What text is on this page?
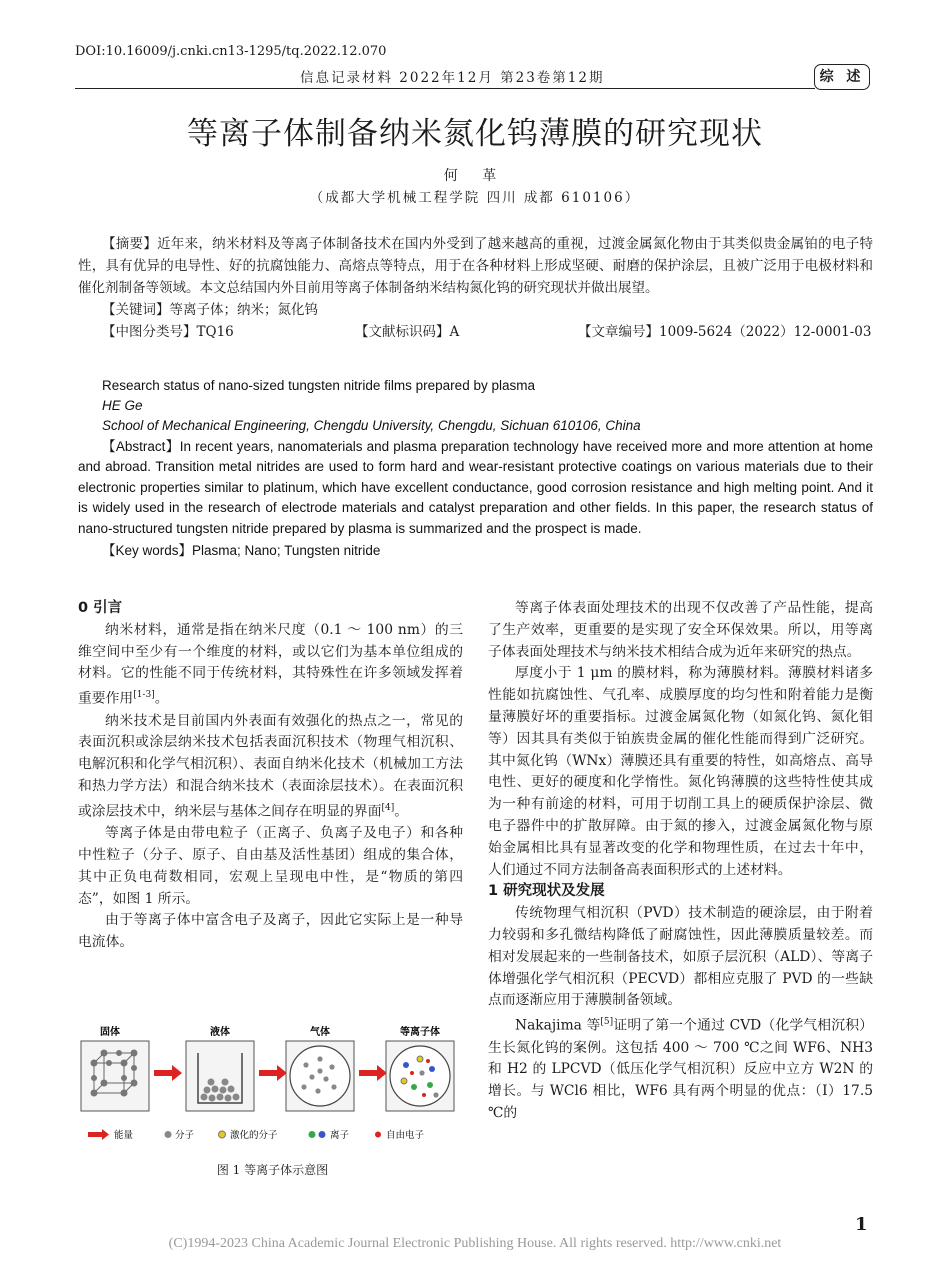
DOI:10.16009/j.cnki.cn13-1295/tq.2022.12.070
信息记录材料 2022年12月 第23卷第12期	综 述
等离子体制备纳米氮化钨薄膜的研究现状
何 革
（成都大学机械工程学院 四川 成都 610106）
【摘要】近年来，纳米材料及等离子体制备技术在国内外受到了越来越高的重视，过渡金属氮化物由于其类似贵金属铂的电子特性，具有优异的电导性、好的抗腐蚀能力、高熔点等特点，用于在各种材料上形成坚硬、耐磨的保护涂层，且被广泛用于电极材料和催化剂制备等领域。本文总结国内外目前用等离子体制备纳米结构氮化钨的研究现状并做出展望。
【关键词】等离子体；纳米；氮化钨
【中图分类号】TQ16	【文献标识码】A	【文章编号】1009-5624（2022）12-0001-03
Research status of nano-sized tungsten nitride films prepared by plasma
HE Ge
School of Mechanical Engineering, Chengdu University, Chengdu, Sichuan 610106, China
【Abstract】In recent years, nanomaterials and plasma preparation technology have received more and more attention at home and abroad. Transition metal nitrides are used to form hard and wear-resistant protective coatings on various materials due to their electronic properties similar to platinum, which have excellent conductance, good corrosion resistance and high melting point. And it is widely used in the research of electrode materials and catalyst preparation and other fields. In this paper, the research status of nano-structured tungsten nitride prepared by plasma is summarized and the prospect is made.
【Key words】Plasma; Nano; Tungsten nitride
0 引言

纳米材料，通常是指在纳米尺度（0.1 ～ 100 nm）的三维空间中至少有一个维度的材料，或以它们为基本单位组成的材料。它的性能不同于传统材料，其特殊性在许多领域发挥着重要作用[1-3]。

纳米技术是目前国内外表面有效强化的热点之一，常见的表面沉积或涂层纳米技术包括表面沉积技术（物理气相沉积、电解沉积和化学气相沉积）、表面自纳米化技术（机械加工方法和热力学方法）和混合纳米技术（表面涂层技术）。在表面沉积或涂层技术中，纳米层与基体之间存在明显的界面[4]。

等离子体是由带电粒子（正离子、负离子及电子）和各种中性粒子（分子、原子、自由基及活性基团）组成的集合体，其中正负电荷数相同，宏观上呈现电中性，是“物质的第四态”，如图 1 所示。

由于等离子体中富含电子及离子，因此它实际上是一种导电流体。

固体	液体	气体	等离子体
能量	分子	激化的分子	离子	自由电子
图 1 等离子体示意图

等离子体表面处理技术的出现不仅改善了产品性能，提高了生产效率，更重要的是实现了安全环保效果。所以，用等离子体表面处理技术与纳米技术相结合成为近年来研究的热点。

厚度小于 1 μm 的膜材料，称为薄膜材料。薄膜材料诸多性能如抗腐蚀性、气孔率、成膜厚度的均匀性和附着能力是衡量薄膜好坏的重要指标。过渡金属氮化物（如氮化钨、氮化钼等）因其具有类似于铂族贵金属的催化性能而得到广泛研究。其中氮化钨（WNx）薄膜还具有重要的特性，如高熔点、高导电性、更好的硬度和化学惰性。氮化钨薄膜的这些特性使其成为一种有前途的材料，可用于切削工具上的硬质保护涂层、微电子器件中的扩散屏障。由于氮的掺入，过渡金属氮化物与原始金属相比具有显著改变的化学和物理性质，在过去十年中，人们通过不同方法制备高表面积形式的上述材料。

1 研究现状及发展

传统物理气相沉积（PVD）技术制造的硬涂层，由于附着力较弱和多孔微结构降低了耐腐蚀性，因此薄膜质量较差。而相对发展起来的一些制备技术，如原子层沉积（ALD）、等离子体增强化学气相沉积（PECVD）都相应克服了 PVD 的一些缺点而逐渐应用于薄膜制备领域。

Nakajima 等[5]证明了第一个通过 CVD（化学气相沉积）生长氮化钨的案例。这包括 400 ～ 700 ℃之间 WF6、NH3 和 H2 的 LPCVD（低压化学气相沉积）反应中立方 W2N 的增长。与 WCl6 相比，WF6 具有两个明显的优点：（Ⅰ）17.5 ℃的

1
(C)1994-2023 China Academic Journal Electronic Publishing House. All rights reserved. http://www.cnki.net
